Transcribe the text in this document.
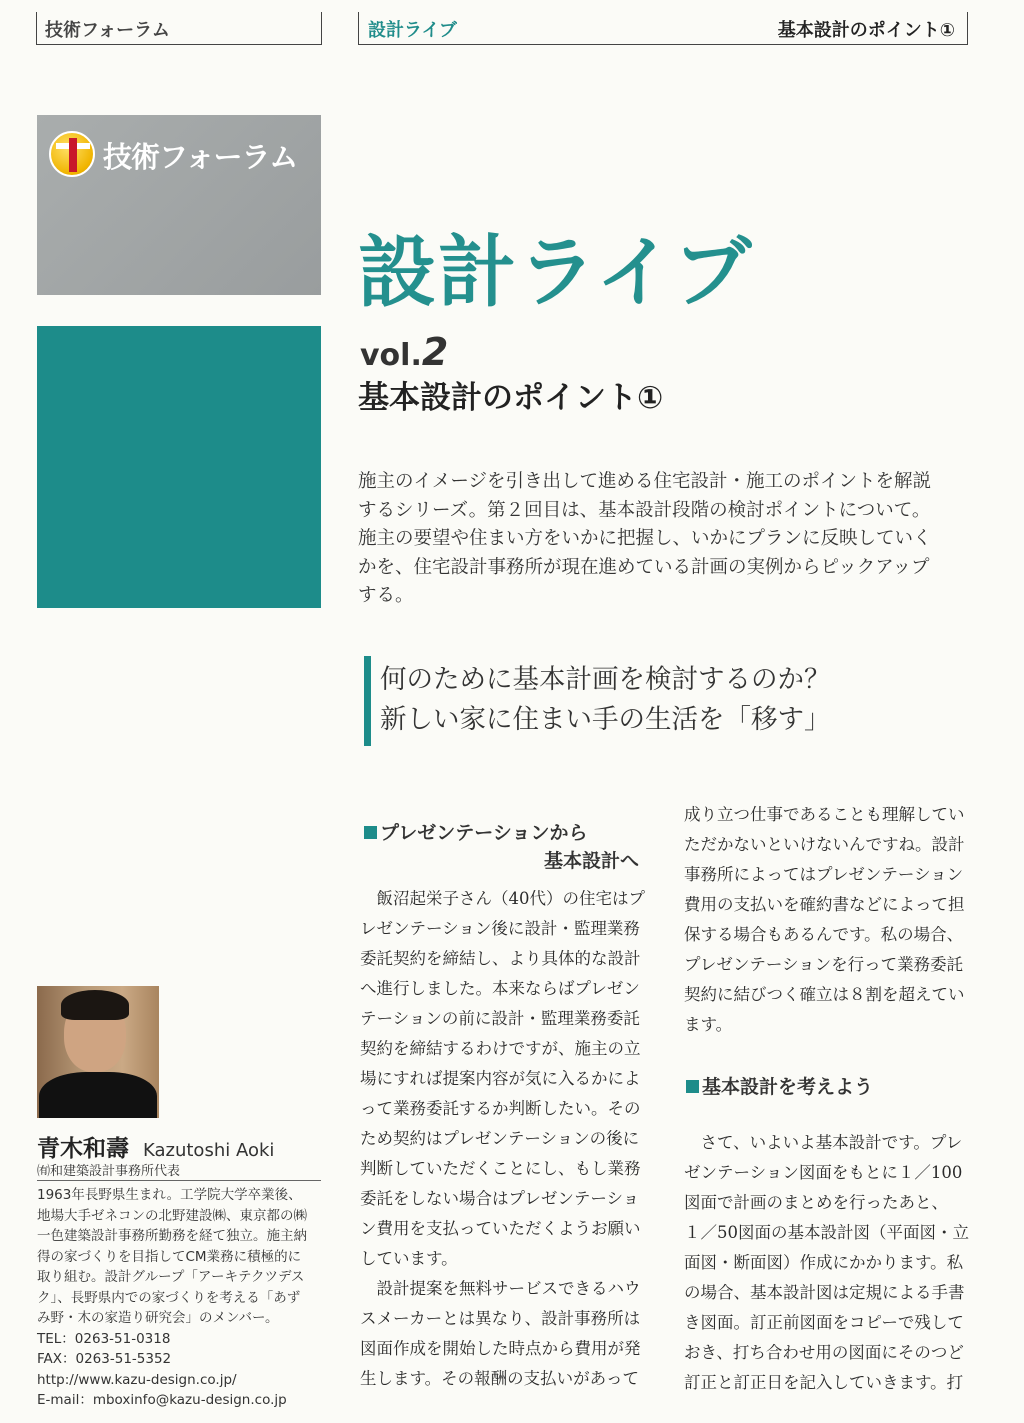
技術フォーラム	設計ライブ	基本設計のポイント①
技術フォーラム
設計ライブ
vol.2
基本設計のポイント①

施主のイメージを引き出して進める住宅設計・施工のポイントを解説

するシリーズ。第２回目は、基本設計段階の検討ポイントについて。

施主の要望や住まい方をいかに把握し、いかにプランに反映していく

かを、住宅設計事務所が現在進めている計画の実例からピックアップ

する。

何のために基本計画を検討するのか？

新しい家に住まい手の生活を「移す」

プレゼンテーションから
基本設計へ

　飯沼起栄子さん（40代）の住宅はプ

レゼンテーション後に設計・監理業務

委託契約を締結し、より具体的な設計

へ進行しました。本来ならばプレゼン

テーションの前に設計・監理業務委託

契約を締結するわけですが、施主の立

場にすれば提案内容が気に入るかによ

って業務委託するか判断したい。その

ため契約はプレゼンテーションの後に

判断していただくことにし、もし業務

委託をしない場合はプレゼンテーショ

ン費用を支払っていただくようお願い

しています。

　設計提案を無料サービスできるハウ

スメーカーとは異なり、設計事務所は

図面作成を開始した時点から費用が発

生します。その報酬の支払いがあって

成り立つ仕事であることも理解してい

ただかないといけないんですね。設計

事務所によってはプレゼンテーション

費用の支払いを確約書などによって担

保する場合もあるんです。私の場合、

プレゼンテーションを行って業務委託

契約に結びつく確立は８割を超えてい

ます。

基本設計を考えよう

　さて、いよいよ基本設計です。プレ

ゼンテーション図面をもとに１／100

図面で計画のまとめを行ったあと、

１／50図面の基本設計図（平面図・立

面図・断面図）作成にかかります。私

の場合、基本設計図は定規による手書

き図面。訂正前図面をコピーで残して

おき、打ち合わせ用の図面にそのつど

訂正と訂正日を記入していきます。打

青木和壽 Kazutoshi Aoki
㈲和建築設計事務所代表

1963年長野県生まれ。工学院大学卒業後、

地場大手ゼネコンの北野建設㈱、東京都の㈱

一色建築設計事務所勤務を経て独立。施主納

得の家づくりを目指してCM業務に積極的に

取り組む。設計グループ「アーキテクツデス

ク」、長野県内での家づくりを考える「あず

み野・木の家造り研究会」のメンバー。

TEL：0263-51-0318

FAX：0263-51-5352

http://www.kazu-design.co.jp/

E-mail：mboxinfo@kazu-design.co.jp
